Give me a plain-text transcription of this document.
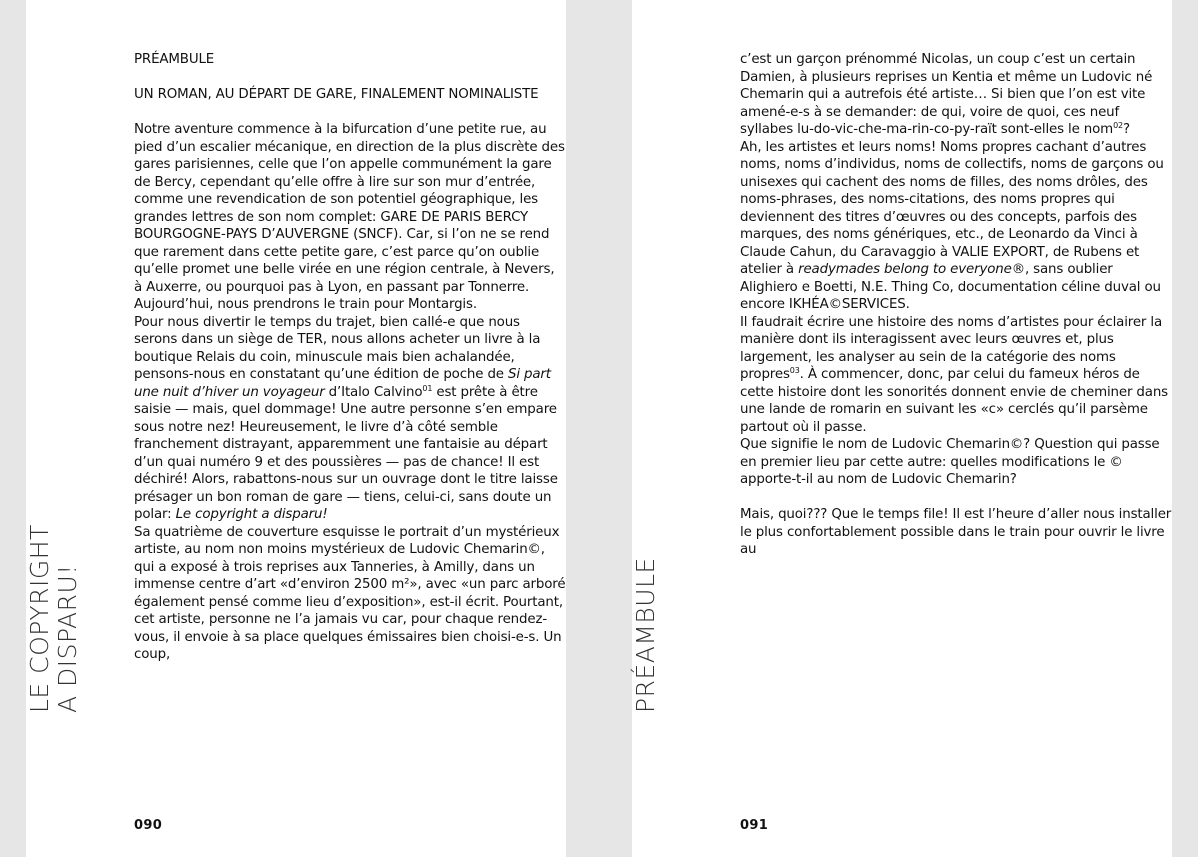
LE COPYRIGHT A DISPARU!
PRÉAMBULE
UN ROMAN, AU DÉPART DE GARE, FINALEMENT NOMINALISTE

Notre aventure commence à la bifurcation d’une petite rue, au pied d’un escalier mécanique, en direction de la plus discrète des gares parisiennes, celle que l’on appelle communément la gare de Bercy, cependant qu’elle offre à lire sur son mur d’entrée, comme une revendication de son potentiel géographique, les grandes lettres de son nom complet: GARE DE PARIS BERCY BOURGOGNE-PAYS D’AUVERGNE (SNCF). Car, si l’on ne se rend que rarement dans cette petite gare, c’est parce qu’on oublie qu’elle promet une belle virée en une région centrale, à Nevers, à Auxerre, ou pourquoi pas à Lyon, en passant par Tonnerre.

Aujourd’hui, nous prendrons le train pour Montargis.

Pour nous divertir le temps du trajet, bien callé-e que nous serons dans un siège de TER, nous allons acheter un livre à la boutique Relais du coin, minuscule mais bien achalandée, pensons-nous en constatant qu’une édition de poche de Si part une nuit d’hiver un voyageur d’Italo Calvino$^{01}$ est prête à être saisie — mais, quel dommage! Une autre personne s’en empare sous notre nez! Heureusement, le livre d’à côté semble franchement distrayant, apparemment une fantaisie au départ d’un quai numéro 9 et des poussières — pas de chance! Il est déchiré! Alors, rabattons-nous sur un ouvrage dont le titre laisse présager un bon roman de gare — tiens, celui-ci, sans doute un polar: Le copyright a disparu!

Sa quatrième de couverture esquisse le portrait d’un mystérieux artiste, au nom non moins mystérieux de Ludovic Chemarin©, qui a exposé à trois reprises aux Tanneries, à Amilly, dans un immense centre d’art «d’environ 2500 m²», avec «un parc arboré également pensé comme lieu d’exposition», est-il écrit. Pourtant, cet artiste, personne ne l’a jamais vu car, pour chaque rendez-vous, il envoie à sa place quelques émissaires bien choisi-e-s. Un coup,

090
PRÉAMBULE

c’est un garçon prénommé Nicolas, un coup c’est un certain Damien, à plusieurs reprises un Kentia et même un Ludovic né Chemarin qui a autrefois été artiste… Si bien que l’on est vite amené-e-s à se demander: de qui, voire de quoi, ces neuf syllabes lu-do-vic-che-ma-rin-co-py-raït sont-elles le nom$^{02}$?

Ah, les artistes et leurs noms! Noms propres cachant d’autres noms, noms d’individus, noms de collectifs, noms de garçons ou unisexes qui cachent des noms de filles, des noms drôles, des noms-phrases, des noms-citations, des noms propres qui deviennent des titres d’œuvres ou des concepts, parfois des marques, des noms génériques, etc., de Leonardo da Vinci à Claude Cahun, du Caravaggio à VALIE EXPORT, de Rubens et atelier à readymades belong to everyone®, sans oublier Alighiero e Boetti, N.E. Thing Co, documentation céline duval ou encore IKHÉA©SERVICES.

Il faudrait écrire une histoire des noms d’artistes pour éclairer la manière dont ils interagissent avec leurs œuvres et, plus largement, les analyser au sein de la catégorie des noms propres$^{03}$. À commencer, donc, par celui du fameux héros de cette histoire dont les sonorités donnent envie de cheminer dans une lande de romarin en suivant les «c» cerclés qu’il parsème partout où il passe.

Que signifie le nom de Ludovic Chemarin©? Question qui passe en premier lieu par cette autre: quelles modifications le © apporte-t-il au nom de Ludovic Chemarin?

Mais, quoi??? Que le temps file! Il est l’heure d’aller nous installer le plus confortablement possible dans le train pour ouvrir le livre au

091
